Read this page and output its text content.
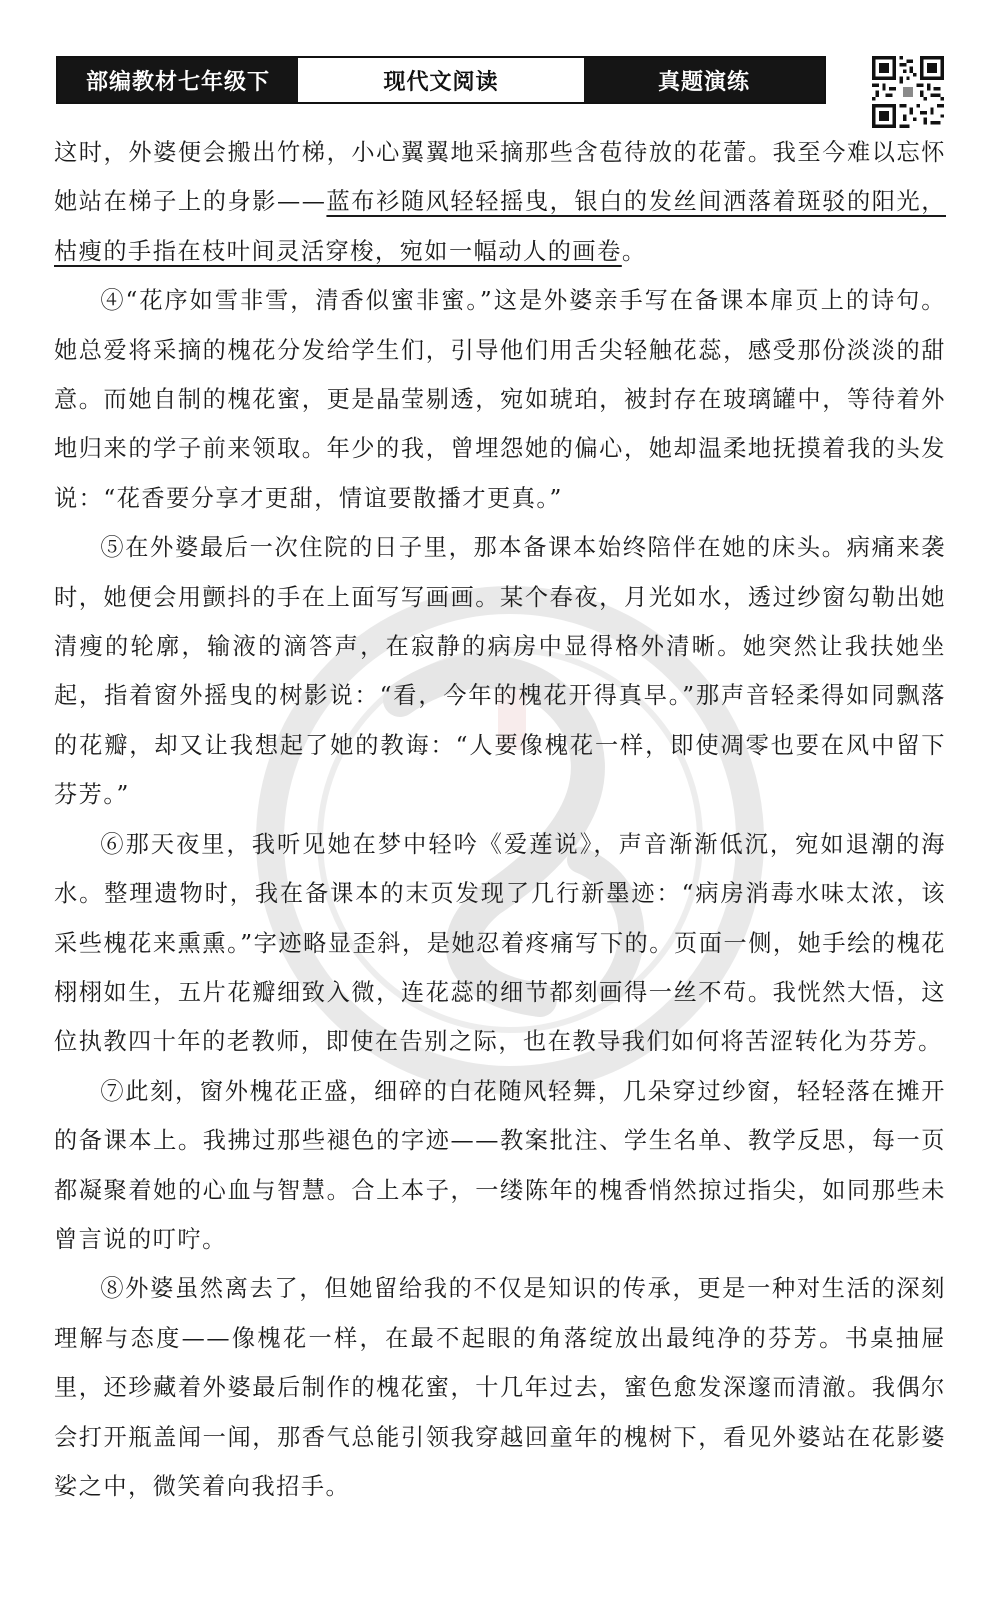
部编教材七年级下	现代文阅读	真题演练

这时，外婆便会搬出竹梯，小心翼翼地采摘那些含苞待放的花蕾。我至今难以忘怀她站在梯子上的身影——蓝布衫随风轻轻摇曳，银白的发丝间洒落着斑驳的阳光，枯瘦的手指在枝叶间灵活穿梭，宛如一幅动人的画卷。

④“花序如雪非雪，清香似蜜非蜜。”这是外婆亲手写在备课本扉页上的诗句。她总爱将采摘的槐花分发给学生们，引导他们用舌尖轻触花蕊，感受那份淡淡的甜意。而她自制的槐花蜜，更是晶莹剔透，宛如琥珀，被封存在玻璃罐中，等待着外地归来的学子前来领取。年少的我，曾埋怨她的偏心，她却温柔地抚摸着我的头发说：“花香要分享才更甜，情谊要散播才更真。”

⑤在外婆最后一次住院的日子里，那本备课本始终陪伴在她的床头。病痛来袭时，她便会用颤抖的手在上面写写画画。某个春夜，月光如水，透过纱窗勾勒出她清瘦的轮廓，输液的滴答声，在寂静的病房中显得格外清晰。她突然让我扶她坐起，指着窗外摇曳的树影说：“看，今年的槐花开得真早。”那声音轻柔得如同飘落的花瓣，却又让我想起了她的教诲：“人要像槐花一样，即使凋零也要在风中留下芬芳。”

⑥那天夜里，我听见她在梦中轻吟《爱莲说》，声音渐渐低沉，宛如退潮的海水。整理遗物时，我在备课本的末页发现了几行新墨迹：“病房消毒水味太浓，该采些槐花来熏熏。”字迹略显歪斜，是她忍着疼痛写下的。页面一侧，她手绘的槐花栩栩如生，五片花瓣细致入微，连花蕊的细节都刻画得一丝不苟。我恍然大悟，这位执教四十年的老教师，即使在告别之际，也在教导我们如何将苦涩转化为芬芳。

⑦此刻，窗外槐花正盛，细碎的白花随风轻舞，几朵穿过纱窗，轻轻落在摊开的备课本上。我拂过那些褪色的字迹——教案批注、学生名单、教学反思，每一页都凝聚着她的心血与智慧。合上本子，一缕陈年的槐香悄然掠过指尖，如同那些未曾言说的叮咛。

⑧外婆虽然离去了，但她留给我的不仅是知识的传承，更是一种对生活的深刻理解与态度——像槐花一样，在最不起眼的角落绽放出最纯净的芬芳。书桌抽屉里，还珍藏着外婆最后制作的槐花蜜，十几年过去，蜜色愈发深邃而清澈。我偶尔会打开瓶盖闻一闻，那香气总能引领我穿越回童年的槐树下，看见外婆站在花影婆娑之中，微笑着向我招手。
